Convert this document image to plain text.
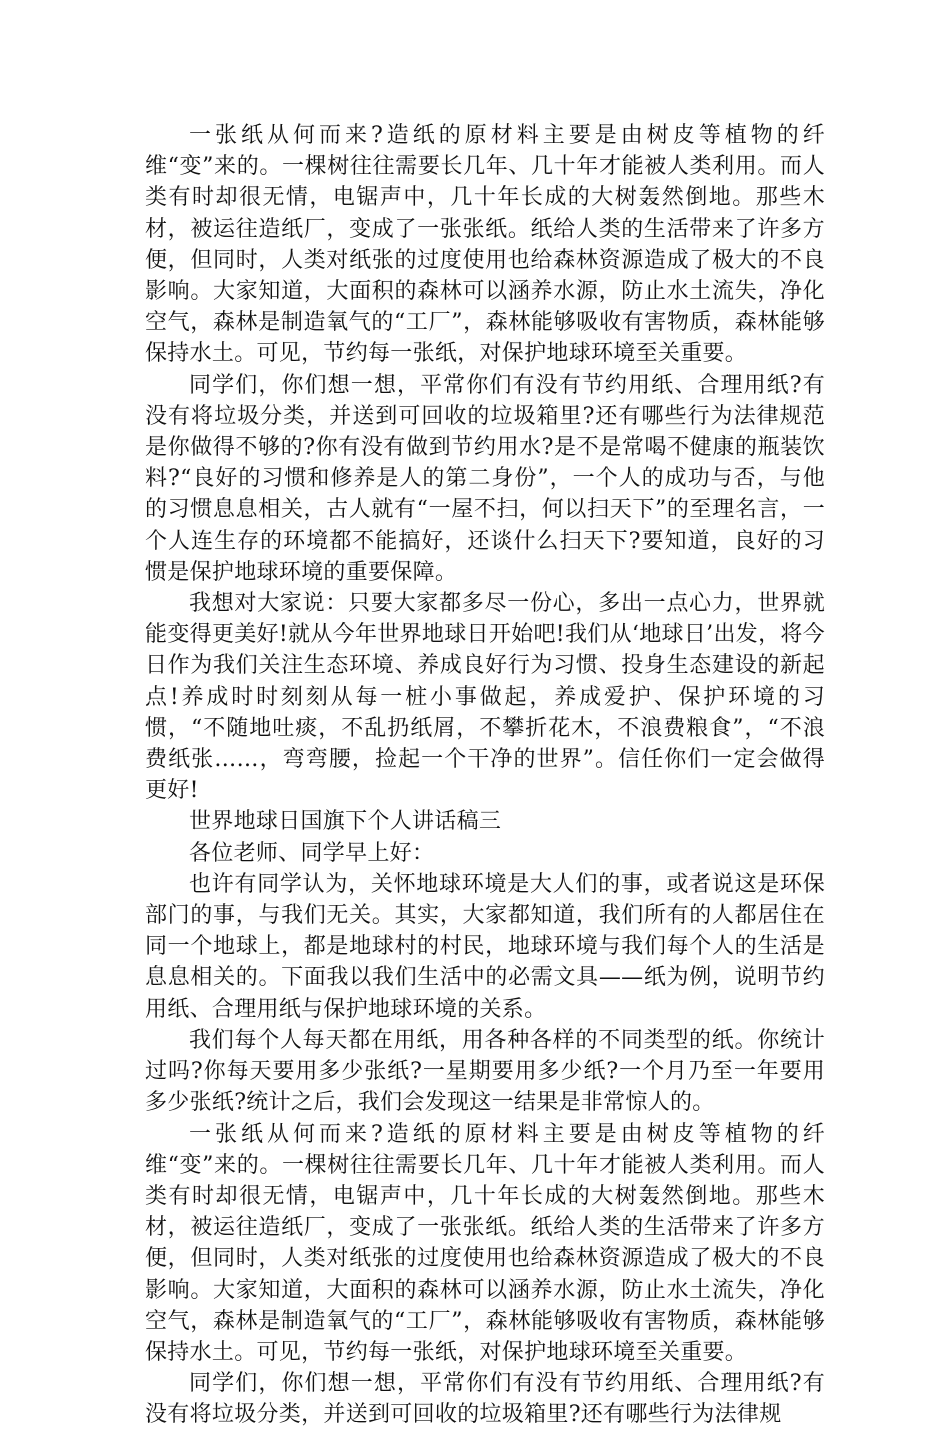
一张纸从何而来?造纸的原材料主要是由树皮等植物的纤维“变”来的。一棵树往往需要长几年、几十年才能被人类利用。而人类有时却很无情，电锯声中，几十年长成的大树轰然倒地。那些木材，被运往造纸厂，变成了一张张纸。纸给人类的生活带来了许多方便，但同时，人类对纸张的过度使用也给森林资源造成了极大的不良影响。大家知道，大面积的森林可以涵养水源，防止水土流失，净化空气，森林是制造氧气的“工厂”，森林能够吸收有害物质，森林能够保持水土。可见，节约每一张纸，对保护地球环境至关重要。

同学们，你们想一想，平常你们有没有节约用纸、合理用纸?有没有将垃圾分类，并送到可回收的垃圾箱里?还有哪些行为法律规范是你做得不够的?你有没有做到节约用水?是不是常喝不健康的瓶装饮料?“良好的习惯和修养是人的第二身份”，一个人的成功与否，与他的习惯息息相关，古人就有“一屋不扫，何以扫天下”的至理名言，一个人连生存的环境都不能搞好，还谈什么扫天下?要知道，良好的习惯是保护地球环境的重要保障。

我想对大家说：只要大家都多尽一份心，多出一点心力，世界就能变得更美好!就从今年世界地球日开始吧!我们从‘地球日’出发，将今日作为我们关注生态环境、养成良好行为习惯、投身生态建设的新起点!养成时时刻刻从每一桩小事做起，养成爱护、保护环境的习惯，“不随地吐痰，不乱扔纸屑，不攀折花木，不浪费粮食”，“不浪费纸张……，弯弯腰，捡起一个干净的世界”。信任你们一定会做得更好!

世界地球日国旗下个人讲话稿三

各位老师、同学早上好：

也许有同学认为，关怀地球环境是大人们的事，或者说这是环保部门的事，与我们无关。其实，大家都知道，我们所有的人都居住在同一个地球上，都是地球村的村民，地球环境与我们每个人的生活是息息相关的。下面我以我们生活中的必需文具——纸为例，说明节约用纸、合理用纸与保护地球环境的关系。

我们每个人每天都在用纸，用各种各样的不同类型的纸。你统计过吗?你每天要用多少张纸?一星期要用多少纸?一个月乃至一年要用多少张纸?统计之后，我们会发现这一结果是非常惊人的。

一张纸从何而来?造纸的原材料主要是由树皮等植物的纤维“变”来的。一棵树往往需要长几年、几十年才能被人类利用。而人类有时却很无情，电锯声中，几十年长成的大树轰然倒地。那些木材，被运往造纸厂，变成了一张张纸。纸给人类的生活带来了许多方便，但同时，人类对纸张的过度使用也给森林资源造成了极大的不良影响。大家知道，大面积的森林可以涵养水源，防止水土流失，净化空气，森林是制造氧气的“工厂”，森林能够吸收有害物质，森林能够保持水土。可见，节约每一张纸，对保护地球环境至关重要。

同学们，你们想一想，平常你们有没有节约用纸、合理用纸?有没有将垃圾分类，并送到可回收的垃圾箱里?还有哪些行为法律规
